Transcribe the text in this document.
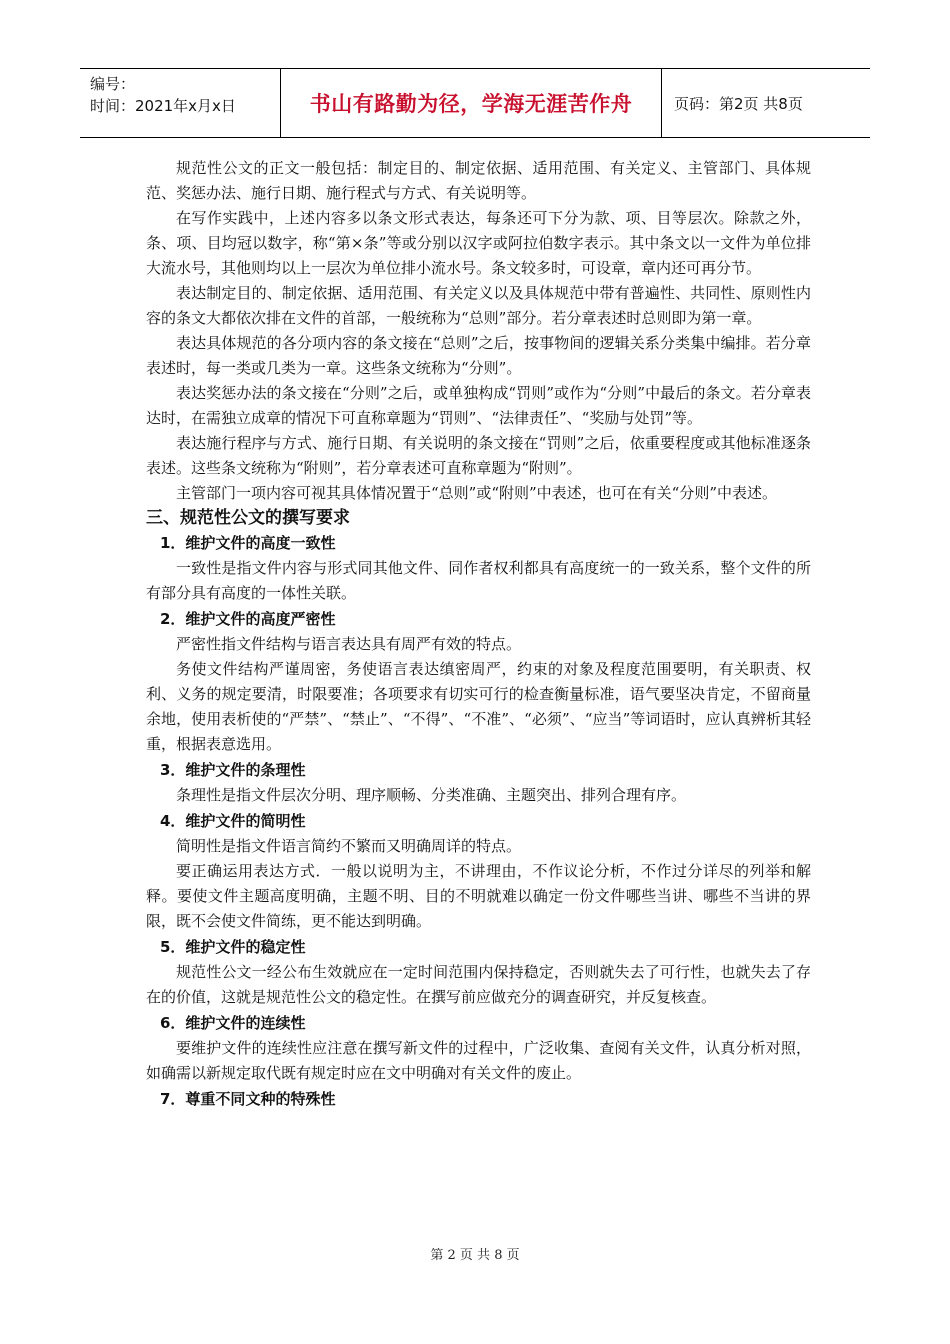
编号：
时间：2021年x月x日	书山有路勤为径，学海无涯苦作舟	页码：第2页 共8页

规范性公文的正文一般包括：制定目的、制定依据、适用范围、有关定义、主管部门、具体规范、奖惩办法、施行日期、施行程式与方式、有关说明等。

在写作实践中，上述内容多以条文形式表达，每条还可下分为款、项、目等层次。除款之外，条、项、目均冠以数字，称“第×条”等或分别以汉字或阿拉伯数字表示。其中条文以一文件为单位排大流水号，其他则均以上一层次为单位排小流水号。条文较多时，可设章，章内还可再分节。

表达制定目的、制定依据、适用范围、有关定义以及具体规范中带有普遍性、共同性、原则性内容的条文大都依次排在文件的首部，一般统称为“总则”部分。若分章表述时总则即为第一章。

表达具体规范的各分项内容的条文接在“总则”之后，按事物间的逻辑关系分类集中编排。若分章表述时，每一类或几类为一章。这些条文统称为“分则”。

表达奖惩办法的条文接在“分则”之后，或单独构成“罚则”或作为“分则”中最后的条文。若分章表达时，在需独立成章的情况下可直称章题为“罚则”、“法律责任”、“奖励与处罚”等。

表达施行程序与方式、施行日期、有关说明的条文接在“罚则”之后，依重要程度或其他标准逐条表述。这些条文统称为“附则”，若分章表述可直称章题为“附则”。

主管部门一项内容可视其具体情况置于“总则”或“附则”中表述，也可在有关“分则”中表述。

三、规范性公文的撰写要求

1．维护文件的高度一致性

一致性是指文件内容与形式同其他文件、同作者权利都具有高度统一的一致关系，整个文件的所有部分具有高度的一体性关联。

2．维护文件的高度严密性

严密性指文件结构与语言表达具有周严有效的特点。

务使文件结构严谨周密，务使语言表达缜密周严，约束的对象及程度范围要明，有关职责、权利、义务的规定要清，时限要准；各项要求有切实可行的检查衡量标准，语气要坚决肯定，不留商量余地，使用表析使的“严禁”、“禁止”、“不得”、“不准”、“必须”、“应当”等词语时，应认真辨析其轻重，根据表意选用。

3．维护文件的条理性

条理性是指文件层次分明、理序顺畅、分类准确、主题突出、排列合理有序。

4．维护文件的简明性

简明性是指文件语言简约不繁而又明确周详的特点。

要正确运用表达方式．一般以说明为主，不讲理由，不作议论分析，不作过分详尽的列举和解释。要使文件主题高度明确，主题不明、目的不明就难以确定一份文件哪些当讲、哪些不当讲的界限，既不会使文件简练，更不能达到明确。

5．维护文件的稳定性

规范性公文一经公布生效就应在一定时间范围内保持稳定，否则就失去了可行性，也就失去了存在的价值，这就是规范性公文的稳定性。在撰写前应做充分的调查研究，并反复核查。

6．维护文件的连续性

要维护文件的连续性应注意在撰写新文件的过程中，广泛收集、查阅有关文件，认真分析对照，如确需以新规定取代既有规定时应在文中明确对有关文件的废止。

7．尊重不同文种的特殊性

第 2 页 共 8 页
